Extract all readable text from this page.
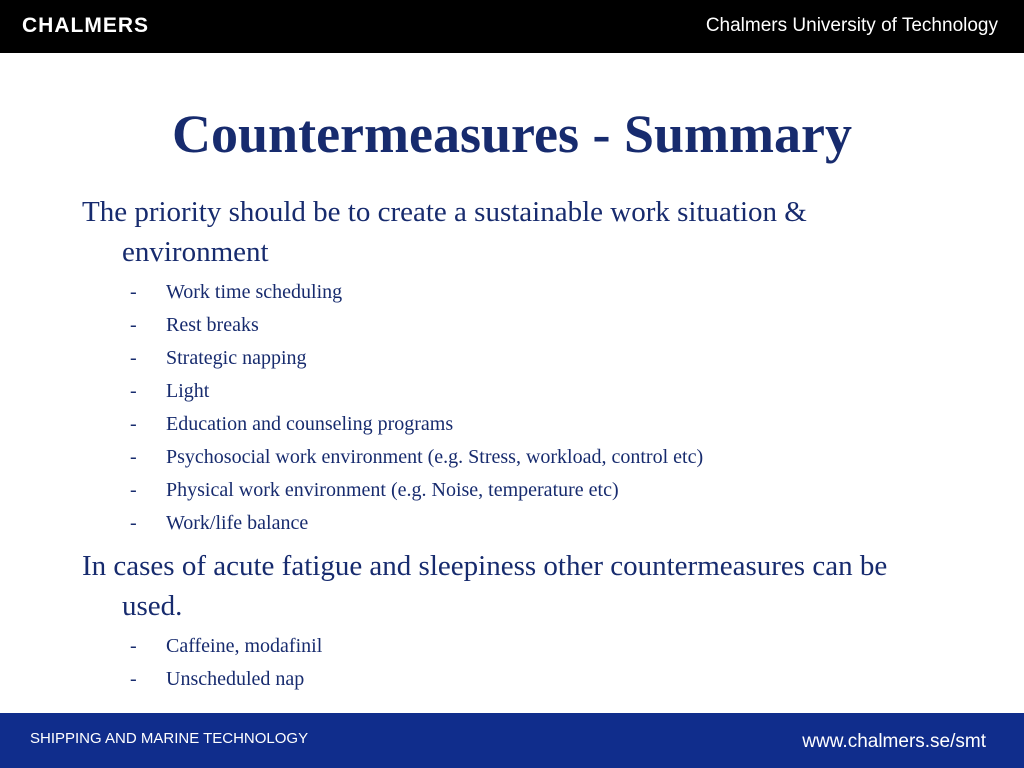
CHALMERS	Chalmers University of Technology
Countermeasures - Summary

The priority should be to create a sustainable work situation & environment

- Work time scheduling
- Rest breaks
- Strategic napping
- Light
- Education and counseling programs
- Psychosocial work environment (e.g. Stress, workload, control etc)
- Physical work environment (e.g. Noise, temperature etc)
- Work/life balance

In cases of acute fatigue and sleepiness other countermeasures can be used.

- Caffeine, modafinil
- Unscheduled nap
SHIPPING AND MARINE TECHNOLOGY	www.chalmers.se/smt
